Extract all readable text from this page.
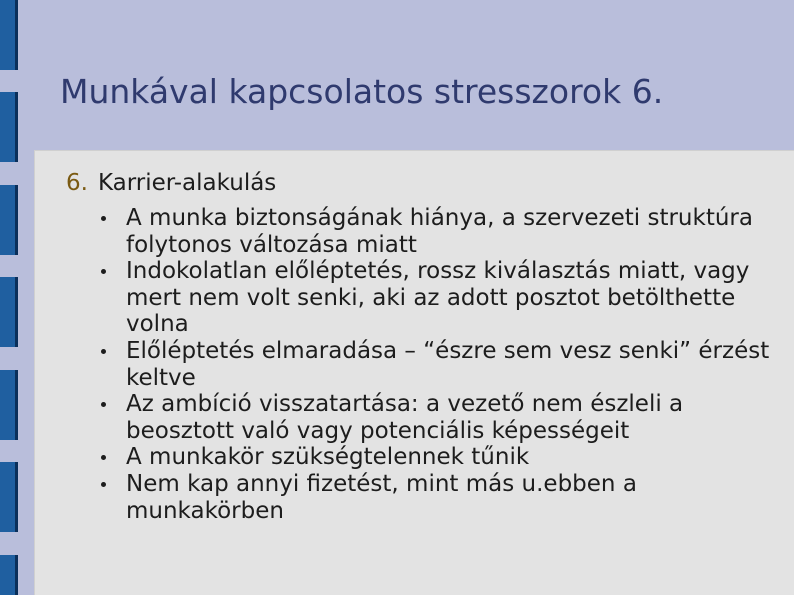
Munkával kapcsolatos stresszorok 6.
6. Karrier-alakulás
A munka biztonságának hiánya, a szervezeti struktúra folytonos változása miatt
Indokolatlan előléptetés, rossz kiválasztás miatt, vagy mert nem volt senki, aki az adott posztot betölthette volna
Előléptetés elmaradása – “észre sem vesz senki” érzést keltve
Az ambíció visszatartása: a vezető nem észleli a beosztott való vagy potenciális képességeit
A munkakör szükségtelennek tűnik
Nem kap annyi fizetést, mint más u.ebben a munkakörben
